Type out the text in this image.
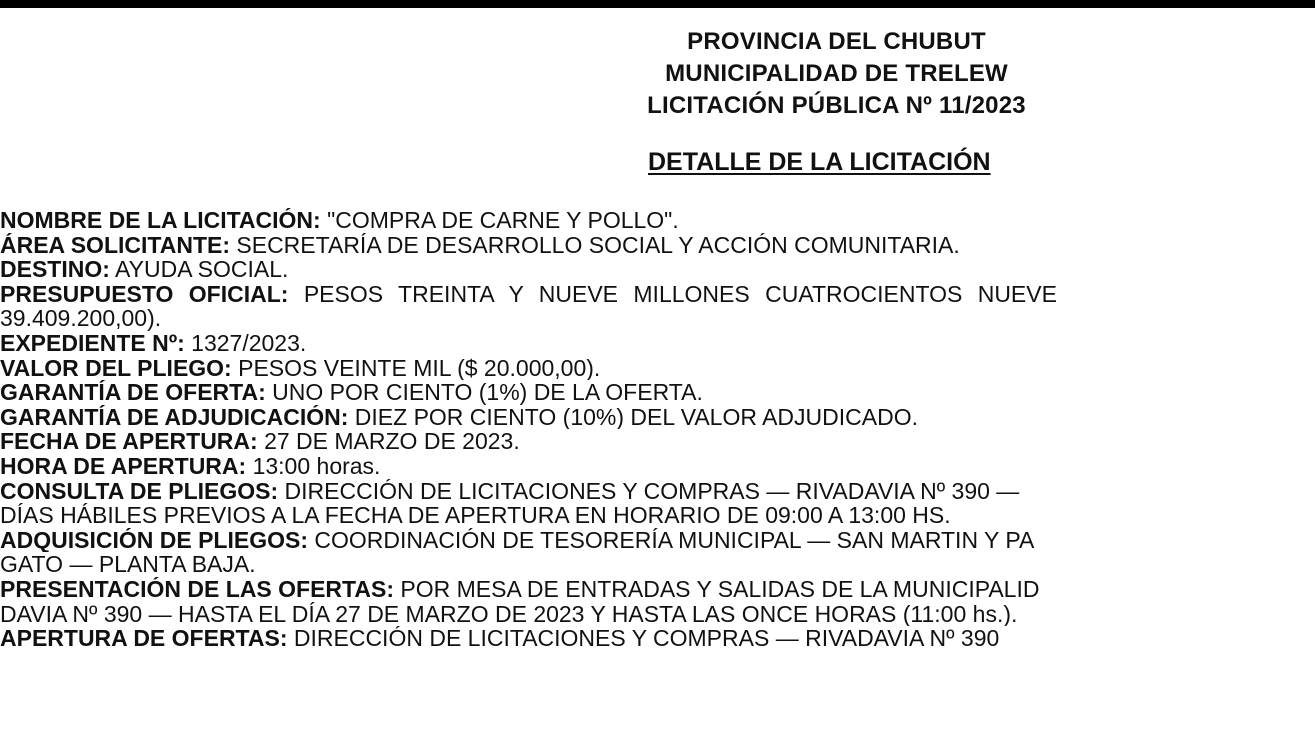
PROVINCIA DEL CHUBUT
MUNICIPALIDAD DE TRELEW
LICITACIÓN PÚBLICA Nº 11/2023
DETALLE DE LA LICITACIÓN
NOMBRE DE LA LICITACIÓN: "COMPRA DE CARNE Y POLLO".
ÁREA SOLICITANTE: SECRETARÍA DE DESARROLLO SOCIAL Y ACCIÓN COMUNITARIA.
DESTINO: AYUDA SOCIAL.
PRESUPUESTO OFICIAL: PESOS TREINTA Y NUEVE MILLONES CUATROCIENTOS NUEVE
39.409.200,00).
EXPEDIENTE Nº: 1327/2023.
VALOR DEL PLIEGO: PESOS VEINTE MIL ($ 20.000,00).
GARANTÍA DE OFERTA: UNO POR CIENTO (1%) DE LA OFERTA.
GARANTÍA DE ADJUDICACIÓN: DIEZ POR CIENTO (10%) DEL VALOR ADJUDICADO.
FECHA DE APERTURA: 27 DE MARZO DE 2023.
HORA DE APERTURA: 13:00 horas.
CONSULTA DE PLIEGOS: DIRECCIÓN DE LICITACIONES Y COMPRAS — RIVADAVIA Nº 390 —
DÍAS HÁBILES PREVIOS A LA FECHA DE APERTURA EN HORARIO DE 09:00 A 13:00 HS.
ADQUISICIÓN DE PLIEGOS: COORDINACIÓN DE TESORERÍA MUNICIPAL — SAN MARTIN Y PA
GATO — PLANTA BAJA.
PRESENTACIÓN DE LAS OFERTAS: POR MESA DE ENTRADAS Y SALIDAS DE LA MUNICIPALID
DAVIA Nº 390 — HASTA EL DÍA 27 DE MARZO DE 2023 Y HASTA LAS ONCE HORAS (11:00 hs.).
APERTURA DE OFERTAS: DIRECCIÓN DE LICITACIONES Y COMPRAS — RIVADAVIA Nº 390
